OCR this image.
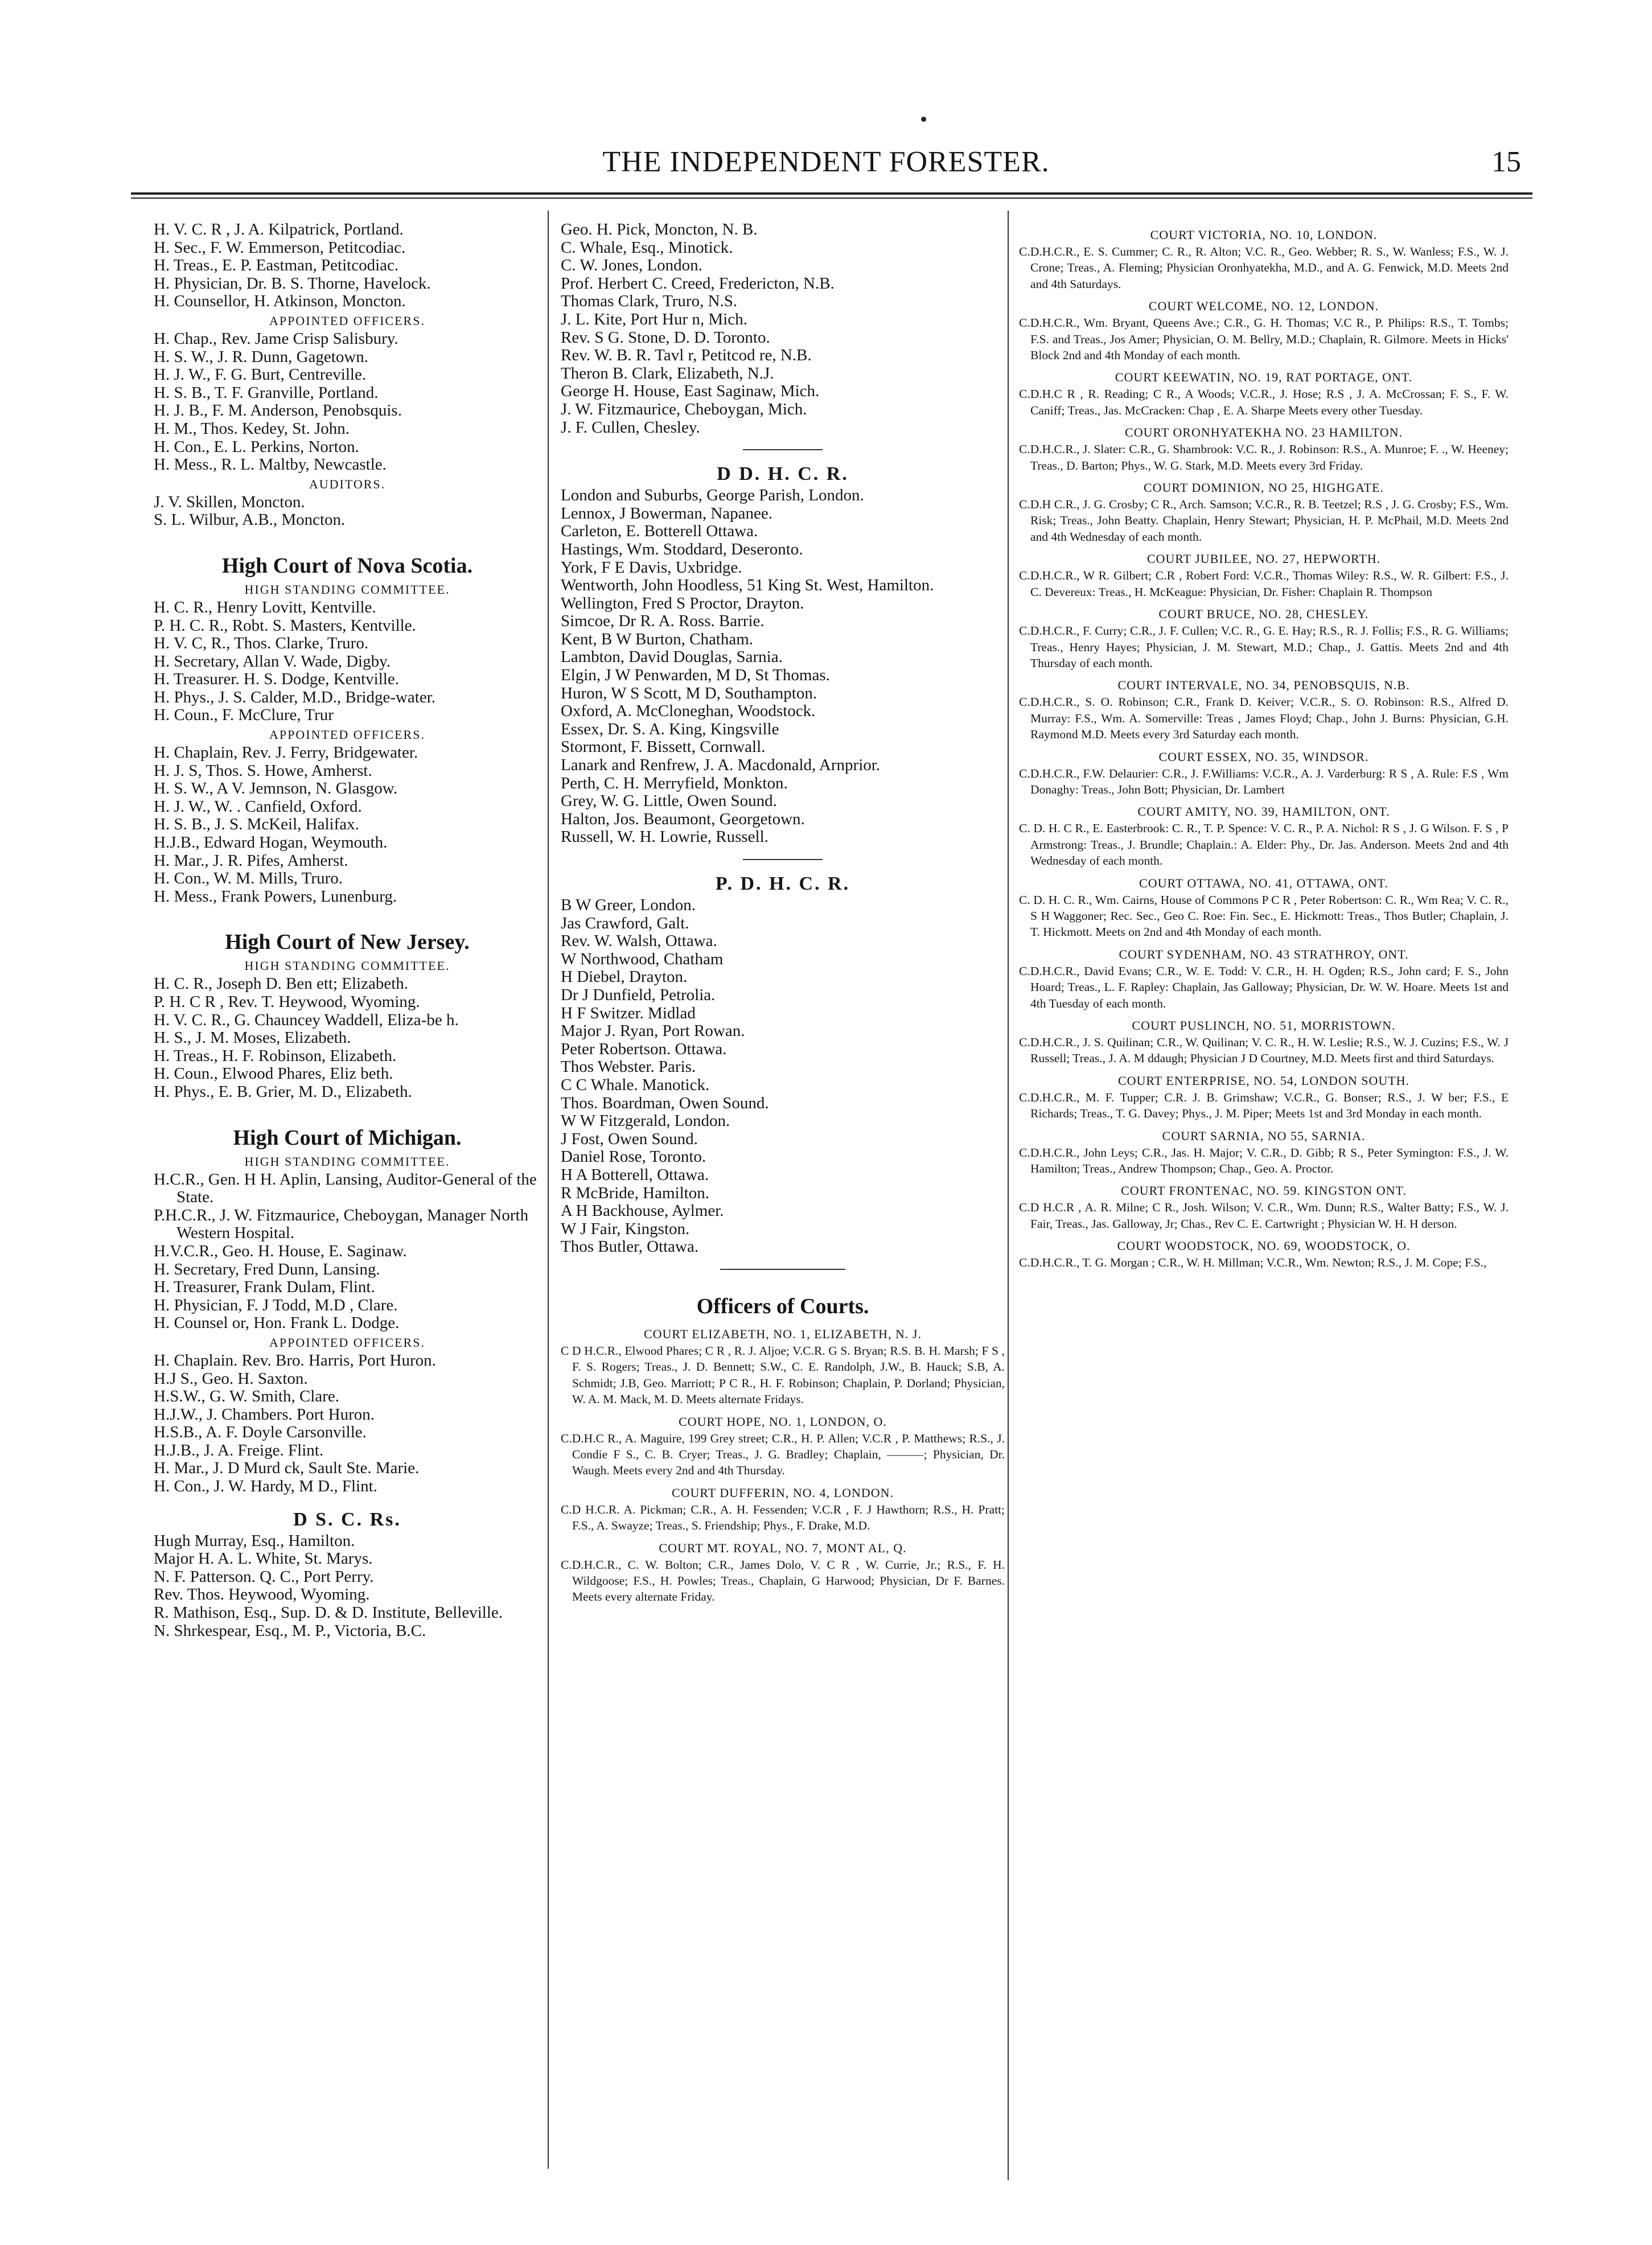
THE INDEPENDENT FORESTER.	15
H. V. C. R , J. A. Kilpatrick, Portland.
H. Sec., F. W. Emmerson, Petitcodiac.
H. Treas., E. P. Eastman, Petitcodiac.
H. Physician, Dr. B. S. Thorne, Havelock.
H. Counsellor, H. Atkinson, Moncton.
APPOINTED OFFICERS.
H. Chap., Rev. Jame Crisp Salisbury.
H. S. W., J. R. Dunn, Gagetown.
H. J. W., F. G. Burt, Centreville.
H. S. B., T. F. Granville, Portland.
H. J. B., F. M. Anderson, Penobsquis.
H. M., Thos. Kedey, St. John.
H. Con., E. L. Perkins, Norton.
H. Mess., R. L. Maltby, Newcastle.
AUDITORS.
J. V. Skillen, Moncton.
S. L. Wilbur, A.B., Moncton.
High Court of Nova Scotia.
HIGH STANDING COMMITTEE.
H. C. R., Henry Lovitt, Kentville.
P. H. C. R., Robt. S. Masters, Kentville.
H. V. C, R., Thos. Clarke, Truro.
H. Secretary, Allan V. Wade, Digby.
H. Treasurer. H. S. Dodge, Kentville.
H. Phys., J. S. Calder, M.D., Bridge-water.
H. Coun., F. McClure, Trur
APPOINTED OFFICERS.
H. Chaplain, Rev. J. Ferry, Bridgewater.
H. J. S, Thos. S. Howe, Amherst.
H. S. W., A V. Jemnson, N. Glasgow.
H. J. W., W. . Canfield, Oxford.
H. S. B., J. S. McKeil, Halifax.
H.J.B., Edward Hogan, Weymouth.
H. Mar., J. R. Pifes, Amherst.
H. Con., W. M. Mills, Truro.
H. Mess., Frank Powers, Lunenburg.
High Court of New Jersey.
HIGH STANDING COMMITTEE.
H. C. R., Joseph D. Ben ett; Elizabeth.
P. H. C R , Rev. T. Heywood, Wyoming.
H. V. C. R., G. Chauncey Waddell, Eliza-be h.
H. S., J. M. Moses, Elizabeth.
H. Treas., H. F. Robinson, Elizabeth.
H. Coun., Elwood Phares, Eliz beth.
H. Phys., E. B. Grier, M. D., Elizabeth.
High Court of Michigan.
HIGH STANDING COMMITTEE.
H.C.R., Gen. H H. Aplin, Lansing, Auditor-General of the State.
P.H.C.R., J. W. Fitzmaurice, Cheboygan, Manager North Western Hospital.
H.V.C.R., Geo. H. House, E. Saginaw.
H. Secretary, Fred Dunn, Lansing.
H. Treasurer, Frank Dulam, Flint.
H. Physician, F. J Todd, M.D , Clare.
H. Counsel or, Hon. Frank L. Dodge.
APPOINTED OFFICERS.
H. Chaplain. Rev. Bro. Harris, Port Huron.
H.J S., Geo. H. Saxton.
H.S.W., G. W. Smith, Clare.
H.J.W., J. Chambers. Port Huron.
H.S.B., A. F. Doyle Carsonville.
H.J.B., J. A. Freige. Flint.
H. Mar., J. D Murd ck, Sault Ste. Marie.
H. Con., J. W. Hardy, M D., Flint.
D S. C. Rs.
Hugh Murray, Esq., Hamilton.
Major H. A. L. White, St. Marys.
N. F. Patterson. Q. C., Port Perry.
Rev. Thos. Heywood, Wyoming.
R. Mathison, Esq., Sup. D. & D. Institute, Belleville.
N. Shrkespear, Esq., M. P., Victoria, B.C.
Geo. H. Pick, Moncton, N. B.
C. Whale, Esq., Minotick.
C. W. Jones, London.
Prof. Herbert C. Creed, Fredericton, N.B.
Thomas Clark, Truro, N.S.
J. L. Kite, Port Hur n, Mich.
Rev. S G. Stone, D. D. Toronto.
Rev. W. B. R. Tavl r, Petitcod re, N.B.
Theron B. Clark, Elizabeth, N.J.
George H. House, East Saginaw, Mich.
J. W. Fitzmaurice, Cheboygan, Mich.
J. F. Cullen, Chesley.
D D. H. C. R.
London and Suburbs, George Parish, London.
Lennox, J Bowerman, Napanee.
Carleton, E. Botterell Ottawa.
Hastings, Wm. Stoddard, Deseronto.
York, F E Davis, Uxbridge.
Wentworth, John Hoodless, 51 King St. West, Hamilton.
Wellington, Fred S Proctor, Drayton.
Simcoe, Dr R. A. Ross. Barrie.
Kent, B W Burton, Chatham.
Lambton, David Douglas, Sarnia.
Elgin, J W Penwarden, M D, St Thomas.
Huron, W S Scott, M D, Southampton.
Oxford, A. McCloneghan, Woodstock.
Essex, Dr. S. A. King, Kingsville
Stormont, F. Bissett, Cornwall.
Lanark and Renfrew, J. A. Macdonald, Arnprior.
Perth, C. H. Merryfield, Monkton.
Grey, W. G. Little, Owen Sound.
Halton, Jos. Beaumont, Georgetown.
Russell, W. H. Lowrie, Russell.
P. D. H. C. R.
B W Greer, London.
Jas Crawford, Galt.
Rev. W. Walsh, Ottawa.
W Northwood, Chatham
H Diebel, Drayton.
Dr J Dunfield, Petrolia.
H F Switzer. Midlad
Major J. Ryan, Port Rowan.
Peter Robertson. Ottawa.
Thos Webster. Paris.
C C Whale. Manotick.
Thos. Boardman, Owen Sound.
W W Fitzgerald, London.
J Fost, Owen Sound.
Daniel Rose, Toronto.
H A Botterell, Ottawa.
R McBride, Hamilton.
A H Backhouse, Aylmer.
W J Fair, Kingston.
Thos Butler, Ottawa.
Officers of Courts.
COURT ELIZABETH, NO. 1, ELIZABETH, N. J.
C D H.C.R., Elwood Phares; C R , R. J. Aljoe; V.C.R. G S. Bryan; R.S. B. H. Marsh; F S , F. S. Rogers; Treas., J. D. Bennett; S.W., C. E. Randolph, J.W., B. Hauck; S.B, A. Schmidt; J.B, Geo. Marriott; P C R., H. F. Robinson; Chaplain, P. Dorland; Physician, W. A. M. Mack, M. D. Meets alternate Fridays.
COURT HOPE, NO. 1, LONDON, O.
C.D.H.C R., A. Maguire, 199 Grey street; C.R., H. P. Allen; V.C.R , P. Matthews; R.S., J. Condie F S., C. B. Cryer; Treas., J. G. Bradley; Chaplain, ———; Physician, Dr. Waugh. Meets every 2nd and 4th Thursday.
COURT DUFFERIN, NO. 4, LONDON.
C.D H.C.R. A. Pickman; C.R., A. H. Fessenden; V.C.R , F. J Hawthorn; R.S., H. Pratt; F.S., A. Swayze; Treas., S. Friendship; Phys., F. Drake, M.D.
COURT MT. ROYAL, NO. 7, MONT AL, Q.
C.D.H.C.R., C. W. Bolton; C.R., James Dolo, V. C R , W. Currie, Jr.; R.S., F. H. Wildgoose; F.S., H. Powles; Treas., Chaplain, G Harwood; Physician, Dr F. Barnes. Meets every alternate Friday.
COURT VICTORIA, NO. 10, LONDON.
C.D.H.C.R., E. S. Cummer; C. R., R. Alton; V.C. R., Geo. Webber; R. S., W. Wanless; F.S., W. J. Crone; Treas., A. Fleming; Physician Oronhyatekha, M.D., and A. G. Fenwick, M.D. Meets 2nd and 4th Saturdays.
COURT WELCOME, NO. 12, LONDON.
C.D.H.C.R., Wm. Bryant, Queens Ave.; C.R., G. H. Thomas; V.C R., P. Philips: R.S., T. Tombs; F.S. and Treas., Jos Amer; Physician, O. M. Bellry, M.D.; Chaplain, R. Gilmore. Meets in Hicks' Block 2nd and 4th Monday of each month.
COURT KEEWATIN, NO. 19, RAT PORTAGE, ONT.
C.D.H.C R , R. Reading; C R., A Woods; V.C.R., J. Hose; R.S , J. A. McCrossan; F. S., F. W. Caniff; Treas., Jas. McCracken: Chap , E. A. Sharpe Meets every other Tuesday.
COURT ORONHYATEKHA NO. 23 HAMILTON.
C.D.H.C.R., J. Slater: C.R., G. Shambrook: V.C. R., J. Robinson: R.S., A. Munroe; F. ., W. Heeney; Treas., D. Barton; Phys., W. G. Stark, M.D. Meets every 3rd Friday.
COURT DOMINION, NO 25, HIGHGATE.
C.D.H C.R., J. G. Crosby; C R., Arch. Samson; V.C.R., R. B. Teetzel; R.S , J. G. Crosby; F.S., Wm. Risk; Treas., John Beatty. Chaplain, Henry Stewart; Physician, H. P. McPhail, M.D. Meets 2nd and 4th Wednesday of each month.
COURT JUBILEE, NO. 27, HEPWORTH.
C.D.H.C.R., W R. Gilbert; C.R , Robert Ford: V.C.R., Thomas Wiley: R.S., W. R. Gilbert: F.S., J. C. Devereux: Treas., H. McKeague: Physician, Dr. Fisher: Chaplain R. Thompson
COURT BRUCE, NO. 28, CHESLEY.
C.D.H.C.R., F. Curry; C.R., J. F. Cullen; V.C. R., G. E. Hay; R.S., R. J. Follis; F.S., R. G. Williams; Treas., Henry Hayes; Physician, J. M. Stewart, M.D.; Chap., J. Gattis. Meets 2nd and 4th Thursday of each month.
COURT INTERVALE, NO. 34, PENOBSQUIS, N.B.
C.D.H.C.R., S. O. Robinson; C.R., Frank D. Keiver; V.C.R., S. O. Robinson: R.S., Alfred D. Murray: F.S., Wm. A. Somerville: Treas , James Floyd; Chap., John J. Burns: Physician, G.H. Raymond M.D. Meets every 3rd Saturday each month.
COURT ESSEX, NO. 35, WINDSOR.
C.D.H.C.R., F.W. Delaurier: C.R., J. F.Williams: V.C.R., A. J. Varderburg: R S , A. Rule: F.S , Wm Donaghy: Treas., John Bott; Physician, Dr. Lambert
COURT AMITY, NO. 39, HAMILTON, ONT.
C. D. H. C R., E. Easterbrook: C. R., T. P. Spence: V. C. R., P. A. Nichol: R S , J. G Wilson. F. S , P Armstrong: Treas., J. Brundle; Chaplain.: A. Elder: Phy., Dr. Jas. Anderson. Meets 2nd and 4th Wednesday of each month.
COURT OTTAWA, NO. 41, OTTAWA, ONT.
C. D. H. C. R., Wm. Cairns, House of Commons P C R , Peter Robertson: C. R., Wm Rea; V. C. R., S H Waggoner; Rec. Sec., Geo C. Roe: Fin. Sec., E. Hickmott: Treas., Thos Butler; Chaplain, J. T. Hickmott. Meets on 2nd and 4th Monday of each month.
COURT SYDENHAM, NO. 43 STRATHROY, ONT.
C.D.H.C.R., David Evans; C.R., W. E. Todd: V. C.R., H. H. Ogden; R.S., John card; F. S., John Hoard; Treas., L. F. Rapley: Chaplain, Jas Galloway; Physician, Dr. W. W. Hoare. Meets 1st and 4th Tuesday of each month.
COURT PUSLINCH, NO. 51, MORRISTOWN.
C.D.H.C.R., J. S. Quilinan; C.R., W. Quilinan; V. C. R., H. W. Leslie; R.S., W. J. Cuzins; F.S., W. J Russell; Treas., J. A. M ddaugh; Physician J D Courtney, M.D. Meets first and third Saturdays.
COURT ENTERPRISE, NO. 54, LONDON SOUTH.
C.D.H.C.R., M. F. Tupper; C.R. J. B. Grimshaw; V.C.R., G. Bonser; R.S., J. W ber; F.S., E Richards; Treas., T. G. Davey; Phys., J. M. Piper; Meets 1st and 3rd Monday in each month.
COURT SARNIA, NO 55, SARNIA.
C.D.H.C.R., John Leys; C.R., Jas. H. Major; V. C.R., D. Gibb; R S., Peter Symington: F.S., J. W. Hamilton; Treas., Andrew Thompson; Chap., Geo. A. Proctor.
COURT FRONTENAC, NO. 59. KINGSTON ONT.
C.D H.C.R , A. R. Milne; C R., Josh. Wilson; V. C.R., Wm. Dunn; R.S., Walter Batty; F.S., W. J. Fair, Treas., Jas. Galloway, Jr; Chas., Rev C. E. Cartwright ; Physician W. H. H derson.
COURT WOODSTOCK, NO. 69, WOODSTOCK, O.
C.D.H.C.R., T. G. Morgan ; C.R., W. H. Millman; V.C.R., Wm. Newton; R.S., J. M. Cope; F.S.,
